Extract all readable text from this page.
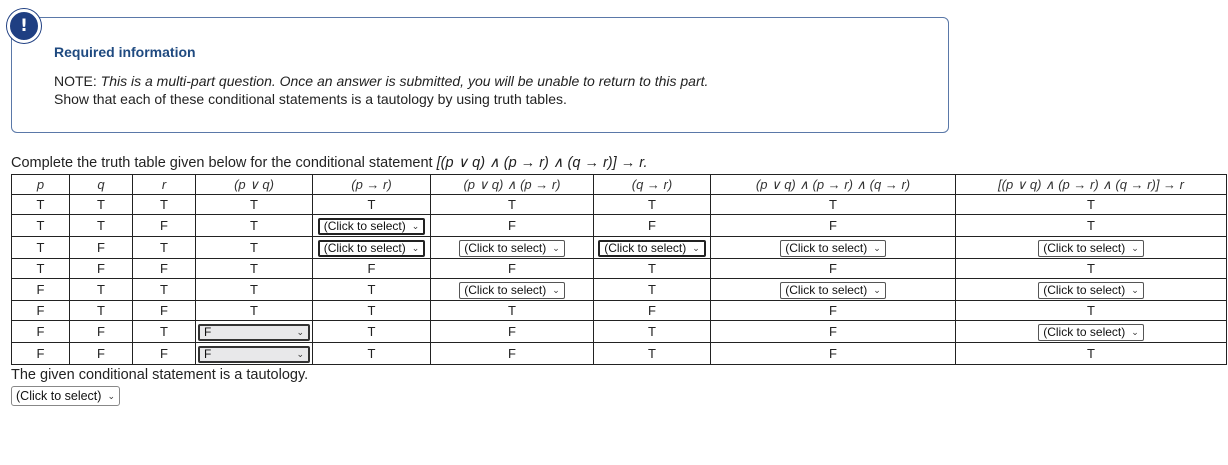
!
Required information
NOTE: This is a multi-part question. Once an answer is submitted, you will be unable to return to this part.
Show that each of these conditional statements is a tautology by using truth tables.
Complete the truth table given below for the conditional statement [(p ∨ q) ∧ (p → r) ∧ (q → r)] → r.
p	q	r	(p ∨ q)	(p → r)	(p ∨ q) ∧ (p → r)	(q → r)	(p ∨ q) ∧ (p → r) ∧ (q → r)	[(p ∨ q) ∧ (p → r) ∧ (q → r)] → r
T	T	T	T	T	T	T	T	T
T	T	F	T	(Click to select) ⌄	F	F	F	T
T	F	T	T	(Click to select) ⌄	(Click to select) ⌄	(Click to select) ⌄	(Click to select) ⌄	(Click to select) ⌄

T	F	F	T	F	F	T	F	T
F	T	T	T	T	(Click to select) ⌄	T	(Click to select) ⌄	(Click to select) ⌄

F	T	F	T	T	T	F	F	T
F	F	T	F ⌄	T	F	T	F	(Click to select) ⌄

F	F	F	F ⌄	T	F	T	F	T
The given conditional statement is a tautology.
(Click to select) ⌄
